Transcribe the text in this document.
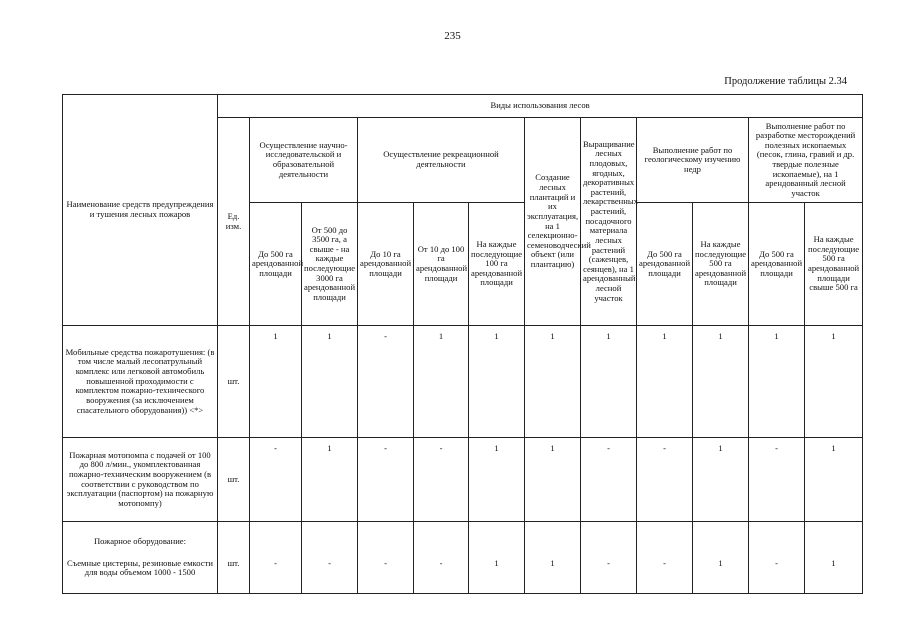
235
Продолжение таблицы 2.34
Наименование средств предупреждения и тушения лесных пожаров	Виды использования лесов											
	Ед. изм.	Осуществление научно-исследовательской и образовательной деятельности		Осуществление рекреационной деятельности			Создание лесных плантаций и их эксплуатация, на 1 селекционно-семеноводческий объект (или плантацию)	Выращивание лесных плодовых, ягодных, декоративных растений, лекарственных растений, посадочного материала лесных растений (саженцев, сеянцев), на 1 арендованный лесной участок	Выполнение работ по геологическому изучению недр		Выполнение работ по разработке месторождений полезных ископаемых (песок, глина, гравий и др. твердые полезные ископаемые), на 1 арендованный лесной участок	
		До 500 га арендованной площади	От 500 до 3500 га, а свыше - на каждые последующие 3000 га арендованной площади	До 10 га арендованной площади	От 10 до 100 га арендованной площади	На каждые последующие 100 га арендованной площади			До 500 га арендованной площади	На каждые последующие 500 га арендованной площади	До 500 га арендованной площади	На каждые последующие 500 га арендованной площади свыше 500 га
Мобильные средства пожаротушения: (в том числе малый лесопатрульный комплекс или легковой автомобиль повышенной проходимости с комплектом пожарно-технического вооружения (за исключением спасательного оборудования)) <*>	шт.	1	1	-	1	1	1	1	1	1	1	1
Пожарная мотопомпа с подачей от 100 до 800 л/мин., укомплектованная пожарно-техническим вооружением (в соответствии с руководством по эксплуатации (паспортом) на пожарную мотопомпу)	шт.	-	1	-	-	1	1	-	-	1	-	1
Пожарное оборудование:
Съемные цистерны, резиновые емкости для воды объемом 1000 - 1500	шт.	-	-	-	-	1	1	-	-	1	-	1
